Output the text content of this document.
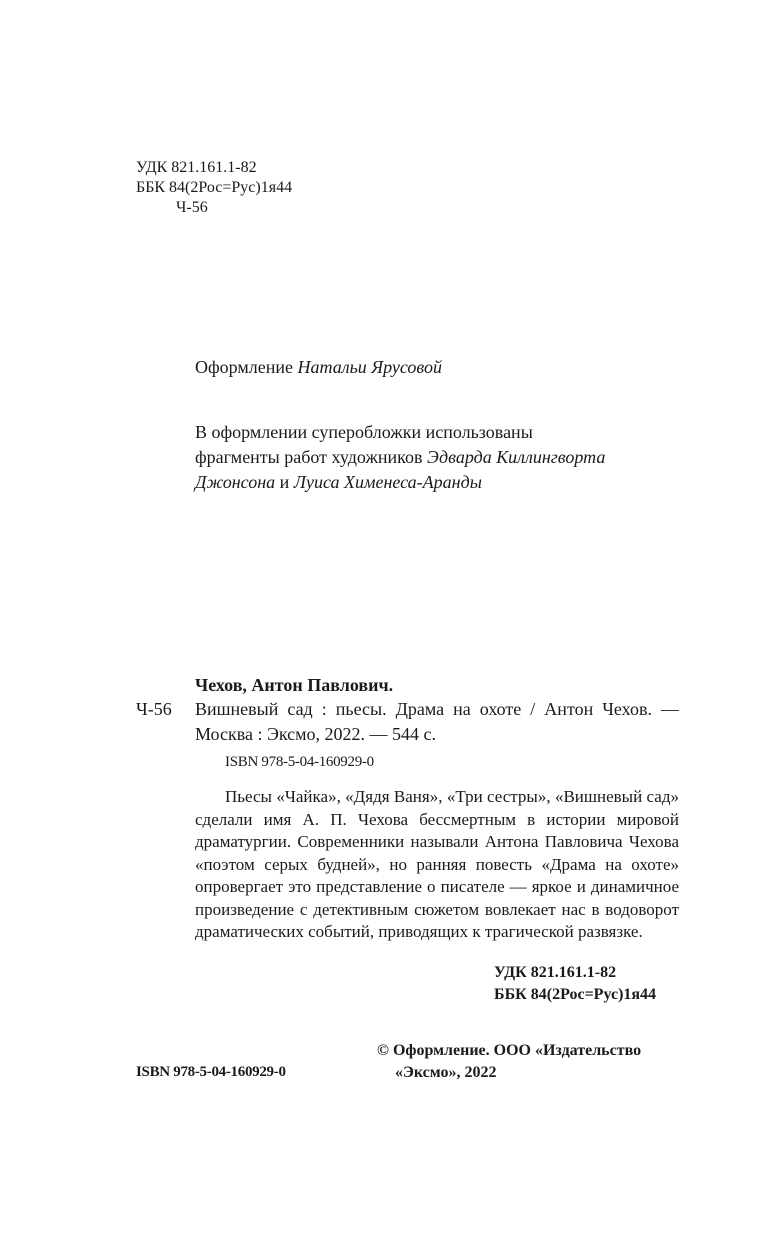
УДК 821.161.1-82
ББК 84(2Рос=Рус)1я44
Ч-56
Оформление Натальи Ярусовой
В оформлении суперобложки использованы
фрагменты работ художников Эдварда Киллингворта Джонсона и Луиса Хименеса-Аранды
Чехов, Антон Павлович.
Ч-56 Вишневый сад : пьесы. Драма на охоте / Антон Чехов. — Москва : Эксмо, 2022. — 544 с.

ISBN 978-5-04-160929-0

Пьесы «Чайка», «Дядя Ваня», «Три сестры», «Вишневый сад» сделали имя А. П. Чехова бессмертным в истории мировой драматургии. Современники называли Антона Павловича Чехова «поэтом серых будней», но ранняя повесть «Драма на охоте» опровергает это представление о писателе — яркое и динамичное произведение с детективным сюжетом вовлекает нас в водоворот драматических событий, приводящих к трагической развязке.

УДК 821.161.1-82
ББК 84(2Рос=Рус)1я44
© Оформление. ООО «Издательство
«Эксмо», 2022
ISBN 978-5-04-160929-0
